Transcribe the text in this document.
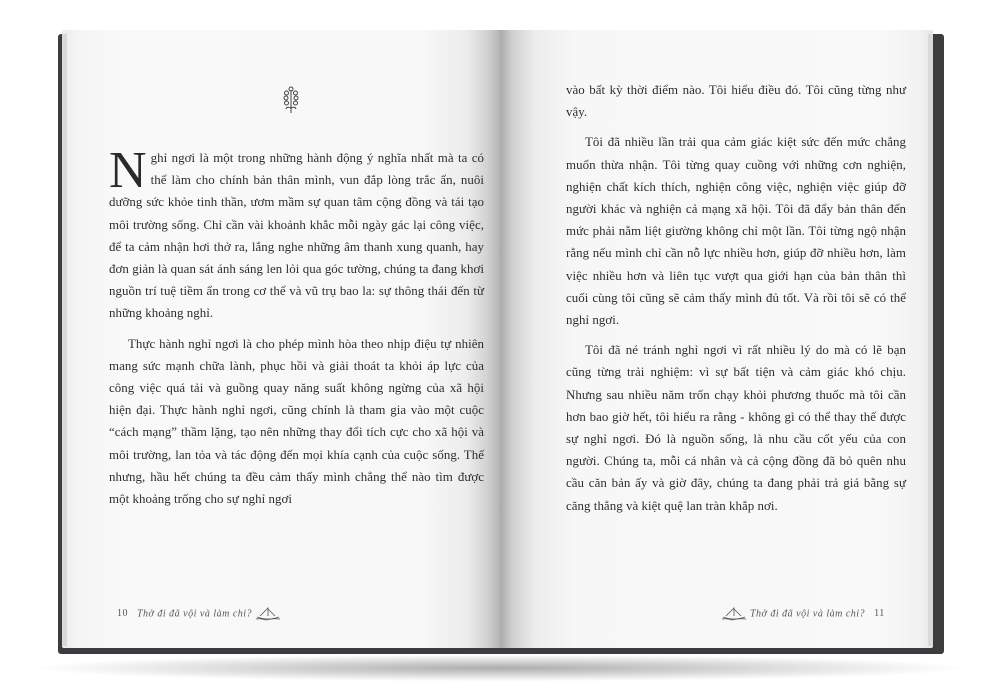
Nghỉ ngơi là một trong những hành động ý nghĩa nhất mà ta có thể làm cho chính bản thân mình, vun đắp lòng trắc ẩn, nuôi dưỡng sức khỏe tinh thần, ươm mầm sự quan tâm cộng đồng và tái tạo môi trường sống. Chỉ cần vài khoảnh khắc mỗi ngày gác lại công việc, để ta cảm nhận hơi thở ra, lắng nghe những âm thanh xung quanh, hay đơn giản là quan sát ánh sáng len lỏi qua góc tường, chúng ta đang khơi nguồn trí tuệ tiềm ẩn trong cơ thể và vũ trụ bao la: sự thông thái đến từ những khoảng nghỉ.

Thực hành nghỉ ngơi là cho phép mình hòa theo nhịp điệu tự nhiên mang sức mạnh chữa lành, phục hồi và giải thoát ta khỏi áp lực của công việc quá tải và guồng quay năng suất không ngừng của xã hội hiện đại. Thực hành nghỉ ngơi, cũng chính là tham gia vào một cuộc “cách mạng” thầm lặng, tạo nên những thay đổi tích cực cho xã hội và môi trường, lan tỏa và tác động đến mọi khía cạnh của cuộc sống. Thế nhưng, hầu hết chúng ta đều cảm thấy mình chẳng thể nào tìm được một khoảng trống cho sự nghỉ ngơi

10 Thở đi đã vội và làm chi?

vào bất kỳ thời điểm nào. Tôi hiểu điều đó. Tôi cũng từng như vậy.

Tôi đã nhiều lần trải qua cảm giác kiệt sức đến mức chẳng muốn thừa nhận. Tôi từng quay cuồng với những cơn nghiện, nghiện chất kích thích, nghiện công việc, nghiện việc giúp đỡ người khác và nghiện cả mạng xã hội. Tôi đã đẩy bản thân đến mức phải nằm liệt giường không chỉ một lần. Tôi từng ngộ nhận rằng nếu mình chỉ cần nỗ lực nhiều hơn, giúp đỡ nhiều hơn, làm việc nhiều hơn và liên tục vượt qua giới hạn của bản thân thì cuối cùng tôi cũng sẽ cảm thấy mình đủ tốt. Và rồi tôi sẽ có thể nghỉ ngơi.

Tôi đã né tránh nghỉ ngơi vì rất nhiều lý do mà có lẽ bạn cũng từng trải nghiệm: vì sự bất tiện và cảm giác khó chịu. Nhưng sau nhiều năm trốn chạy khỏi phương thuốc mà tôi cần hơn bao giờ hết, tôi hiểu ra rằng - không gì có thể thay thế được sự nghỉ ngơi. Đó là nguồn sống, là nhu cầu cốt yếu của con người. Chúng ta, mỗi cá nhân và cả cộng đồng đã bỏ quên nhu cầu căn bản ấy và giờ đây, chúng ta đang phải trả giá bằng sự căng thẳng và kiệt quệ lan tràn khắp nơi.

Thở đi đã vội và làm chi? 11
